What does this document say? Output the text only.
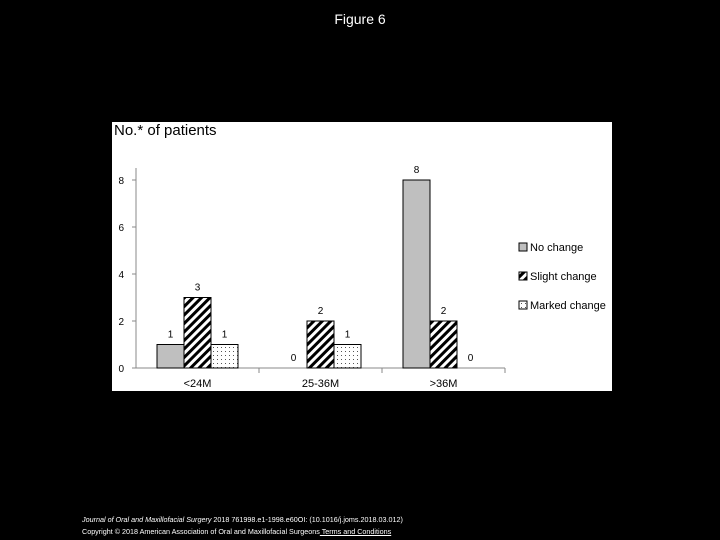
Figure 6
No.* of patients
0
2
4
6
8
<24M
1
3
1
25-36M
0
2
1
>36M
8
2
0
No change
Slight change
Marked change
Journal of Oral and Maxillofacial Surgery 2018 761998.e1-1998.e60OI: (10.1016/j.joms.2018.03.012)
Copyright © 2018 American Association of Oral and Maxillofacial Surgeons Terms and Conditions
